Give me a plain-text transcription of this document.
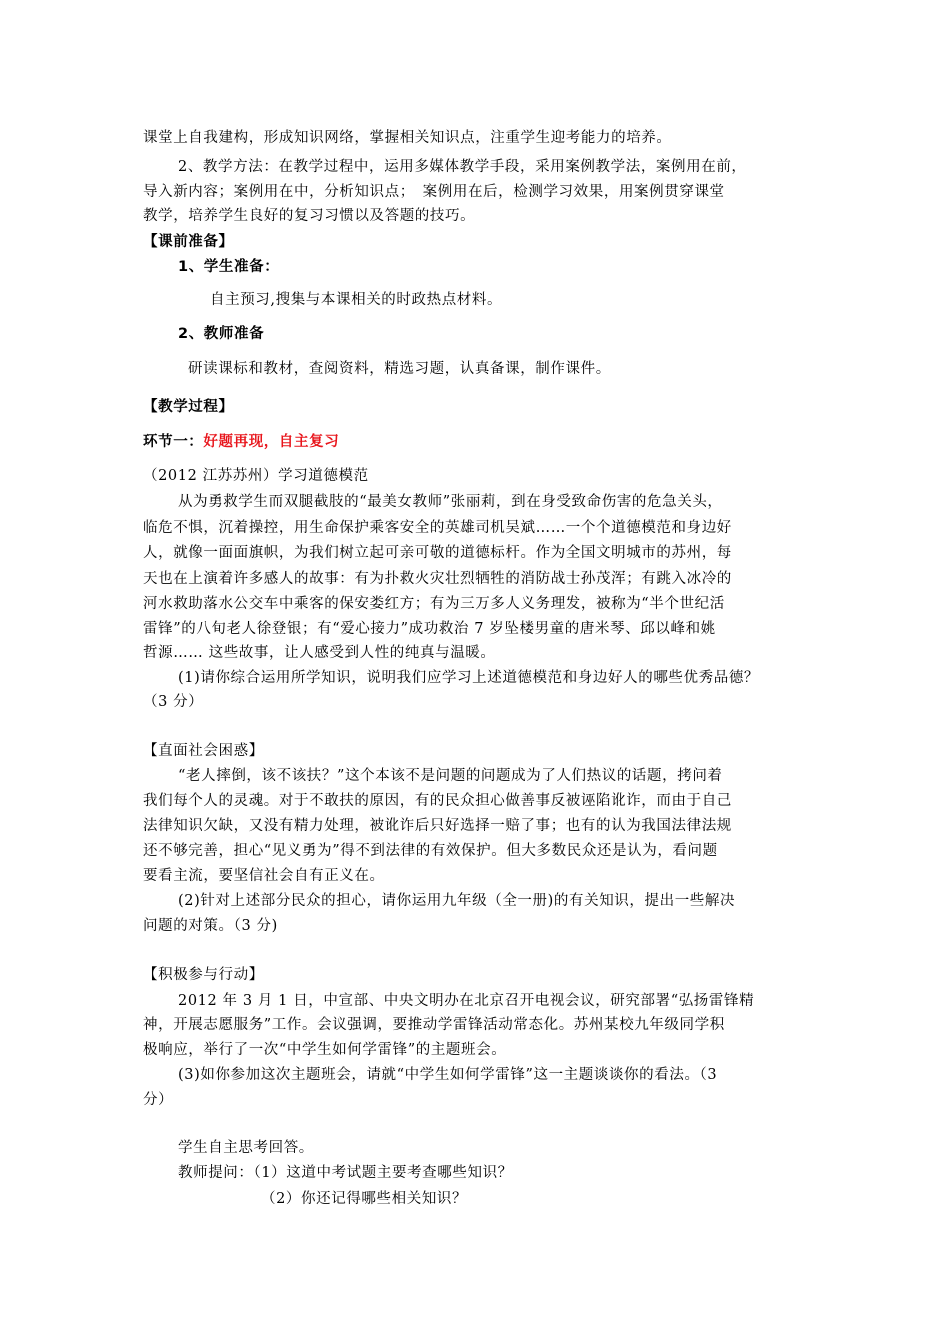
课堂上自我建构，形成知识网络，掌握相关知识点，注重学生迎考能力的培养。
2、教学方法：在教学过程中，运用多媒体教学手段，采用案例教学法，案例用在前，
导入新内容；案例用在中，分析知识点；　案例用在后，检测学习效果，用案例贯穿课堂
教学，培养学生良好的复习习惯以及答题的技巧。
【课前准备】
1、学生准备：
自主预习,搜集与本课相关的时政热点材料。
2、教师准备
研读课标和教材，查阅资料，精选习题，认真备课，制作课件。
【教学过程】
环节一：好题再现，自主复习
（2012 江苏苏州）学习道德模范
从为勇救学生而双腿截肢的“最美女教师”张丽莉，到在身受致命伤害的危急关头，
临危不惧，沉着操控，用生命保护乘客安全的英雄司机吴斌……一个个道德模范和身边好
人，就像一面面旗帜，为我们树立起可亲可敬的道德标杆。作为全国文明城市的苏州，每
天也在上演着许多感人的故事：有为扑救火灾壮烈牺牲的消防战士孙茂浑；有跳入冰冷的
河水救助落水公交车中乘客的保安娄红方；有为三万多人义务理发，被称为“半个世纪活
雷锋”的八旬老人徐登银；有“爱心接力”成功救治 7 岁坠楼男童的唐米琴、邱以峰和姚
哲源…… 这些故事，让人感受到人性的纯真与温暖。
(1)请你综合运用所学知识，说明我们应学习上述道德模范和身边好人的哪些优秀品德？
（3 分）
【直面社会困惑】
“老人摔倒，该不该扶？”这个本该不是问题的问题成为了人们热议的话题，拷问着
我们每个人的灵魂。对于不敢扶的原因，有的民众担心做善事反被诬陷讹诈，而由于自己
法律知识欠缺，又没有精力处理，被讹诈后只好选择一赔了事；也有的认为我国法律法规
还不够完善，担心“见义勇为”得不到法律的有效保护。但大多数民众还是认为，看问题
要看主流，要坚信社会自有正义在。
(2)针对上述部分民众的担心，请你运用九年级（全一册)的有关知识，提出一些解决
问题的对策。（3 分)
【积极参与行动】
2012 年 3 月 1 日，中宣部、中央文明办在北京召开电视会议，研究部署“弘扬雷锋精
神，开展志愿服务”工作。会议强调，要推动学雷锋活动常态化。苏州某校九年级同学积
极响应，举行了一次“中学生如何学雷锋”的主题班会。
(3)如你参加这次主题班会，请就“中学生如何学雷锋”这一主题谈谈你的看法。（3
分）
学生自主思考回答。
教师提问：（1）这道中考试题主要考查哪些知识？
（2）你还记得哪些相关知识？
